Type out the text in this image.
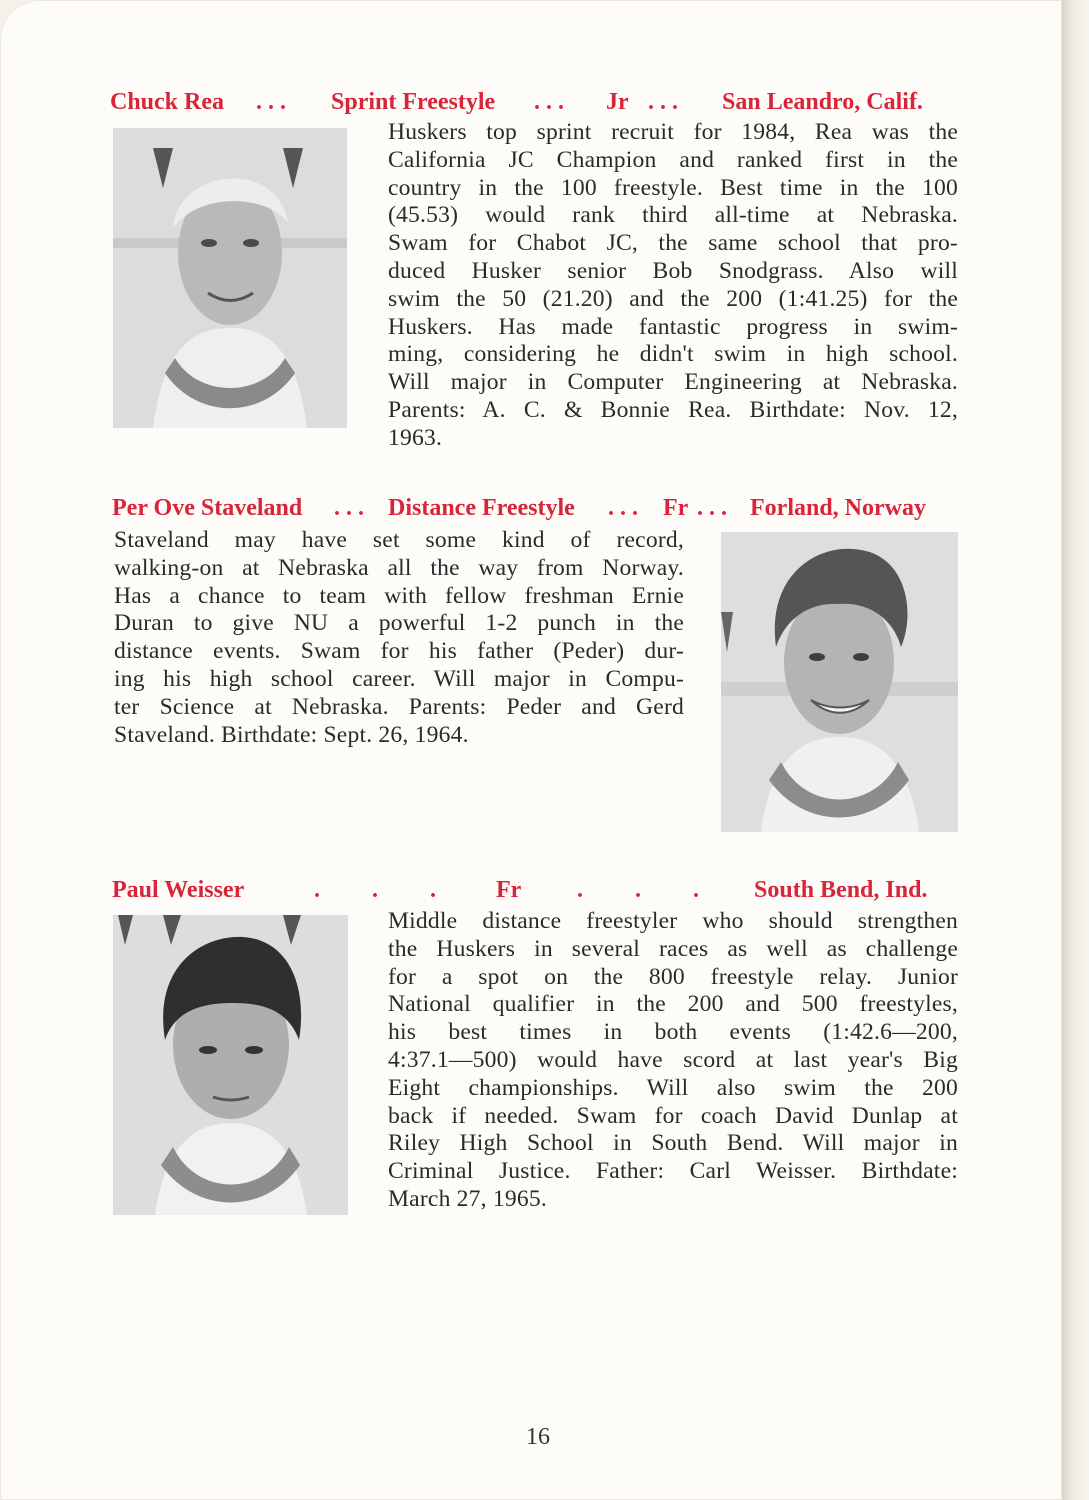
Chuck Rea

. . .

Sprint Freestyle

. . .

Jr

. . .

San Leandro, Calif.

Huskers top sprint recruit for 1984, Rea was the
California JC Champion and ranked first in the
country in the 100 freestyle. Best time in the 100
(45.53) would rank third all-time at Nebraska.
Swam for Chabot JC, the same school that pro-
duced Husker senior Bob Snodgrass. Also will
swim the 50 (21.20) and the 200 (1:41.25) for the
Huskers. Has made fantastic progress in swim-
ming, considering he didn't swim in high school.
Will major in Computer Engineering at Nebraska.
Parents: A. C. & Bonnie Rea. Birthdate: Nov. 12,
1963.

Per Ove Staveland

. . .

Distance Freestyle

. . .

Fr

. . .

Forland, Norway

Staveland may have set some kind of record,
walking-on at Nebraska all the way from Norway.
Has a chance to team with fellow freshman Ernie
Duran to give NU a powerful 1-2 punch in the
distance events. Swam for his father (Peder) dur-
ing his high school career. Will major in Compu-
ter Science at Nebraska. Parents: Peder and Gerd
Staveland. Birthdate: Sept. 26, 1964.

Paul Weisser

	. . .

	Fr

. . .

South Bend, Ind.

Middle distance freestyler who should strengthen
the Huskers in several races as well as challenge
for a spot on the 800 freestyle relay. Junior
National qualifier in the 200 and 500 freestyles,
his best times in both events (1:42.6—200,
4:37.1—500) would have scord at last year's Big
Eight championships. Will also swim the 200
back if needed. Swam for coach David Dunlap at
Riley High School in South Bend. Will major in
Criminal Justice. Father: Carl Weisser. Birthdate:
March 27, 1965.
16
